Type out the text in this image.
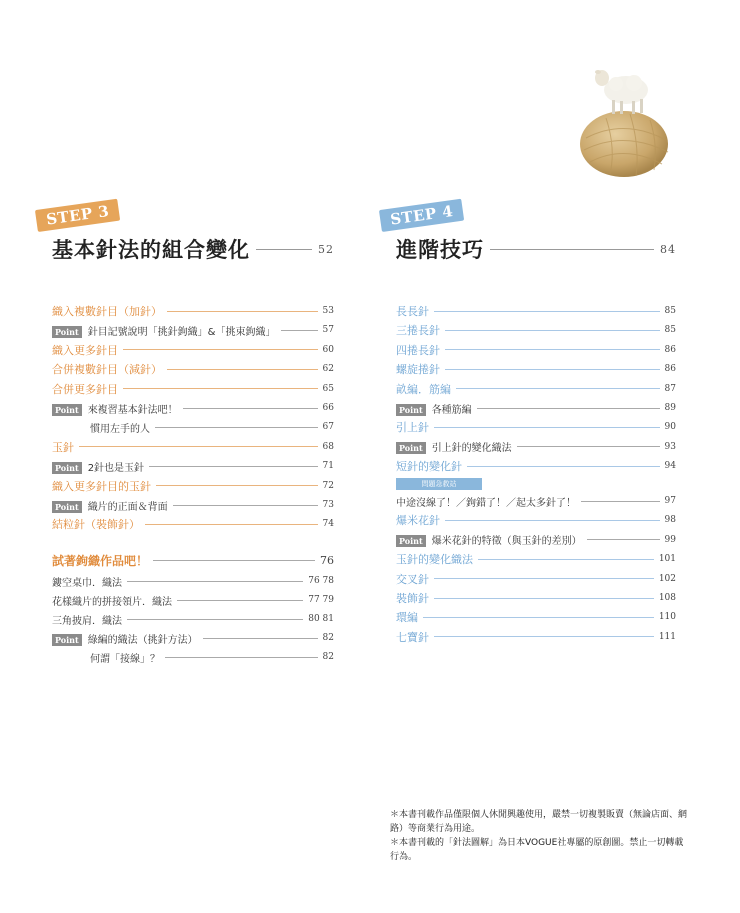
STEP 3
基本針法的組合變化	52
織入複數針目（加針）	53
Point 針目記號說明「挑針鉤織」&「挑束鉤織」	57
織入更多針目	60
合併複數針目（減針）	62
合併更多針目	65
Point 來複習基本針法吧！	66
慣用左手的人	67
玉針	68
Point 2針也是玉針	71
織入更多針目的玉針	72
Point 織片的正面＆背面	73
結粒針（裝飾針）	74
試著鉤織作品吧！	76
鏤空桌巾．織法	76 78
花樣織片的拼接領片．織法	77 79
三角披肩．織法	80 81
Point 綠編的織法（挑針方法）	82
何謂「接線」？	82
STEP 4
進階技巧	84
長長針	85
三捲長針	85
四捲長針	86
螺旋捲針	86
畝編．筋編	87
Point 各種筋編	89
引上針	90
Point 引上針的變化織法	93
短針的變化針	94
問題急救站
中途沒線了！／鉤錯了！／起太多針了！	97
爆米花針	98
Point 爆米花針的特徵（與玉針的差別）	99
玉針的變化織法	101
交叉針	102
裝飾針	108
環編	110
七寶針	111

＊本書刊載作品僅限個人休閒興趣使用，嚴禁一切複製販賣（無論店面、網路）等商業行為用途。

＊本書刊載的「針法圖解」為日本VOGUE社專屬的原創圖。禁止一切轉載行為。
